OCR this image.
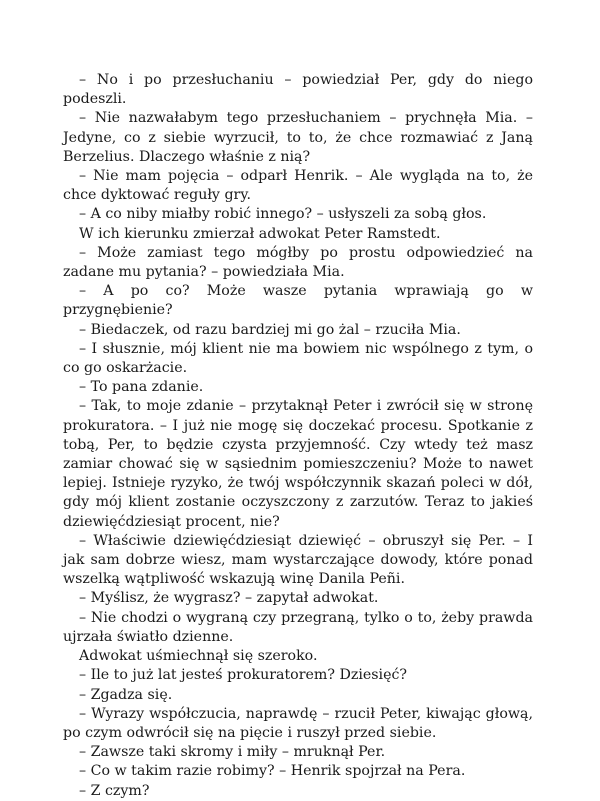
– No i po przesłuchaniu – powiedział Per, gdy do niego podeszli.

– Nie nazwałabym tego przesłuchaniem – prychnęła Mia. – Jedyne, co z siebie wyrzucił, to to, że chce rozmawiać z Janą Berzelius. Dlaczego właśnie z nią?

– Nie mam pojęcia – odparł Henrik. – Ale wygląda na to, że chce dyktować reguły gry.

– A co niby miałby robić innego? – usłyszeli za sobą głos.

W ich kierunku zmierzał adwokat Peter Ramstedt.

– Może zamiast tego mógłby po prostu odpowiedzieć na zadane mu pytania? – powiedziała Mia.

– A po co? Może wasze pytania wprawiają go w przygnębienie?

– Biedaczek, od razu bardziej mi go żal – rzuciła Mia.

– I słusznie, mój klient nie ma bowiem nic wspólnego z tym, o co go oskarżacie.

– To pana zdanie.

– Tak, to moje zdanie – przytaknął Peter i zwrócił się w stronę prokuratora. – I już nie mogę się doczekać procesu. Spotkanie z tobą, Per, to będzie czysta przyjemność. Czy wtedy też masz zamiar chować się w sąsiednim pomieszczeniu? Może to nawet lepiej. Istnieje ryzyko, że twój współczynnik skazań poleci w dół, gdy mój klient zostanie oczyszczony z zarzutów. Teraz to jakieś dziewięćdziesiąt procent, nie?

– Właściwie dziewięćdziesiąt dziewięć – obruszył się Per. – I jak sam dobrze wiesz, mam wystarczające dowody, które ponad wszelką wątpliwość wskazują winę Danila Peñi.

– Myślisz, że wygrasz? – zapytał adwokat.

– Nie chodzi o wygraną czy przegraną, tylko o to, żeby prawda ujrzała światło dzienne.

Adwokat uśmiechnął się szeroko.

– Ile to już lat jesteś prokuratorem? Dziesięć?

– Zgadza się.

– Wyrazy współczucia, naprawdę – rzucił Peter, kiwając głową, po czym odwrócił się na pięcie i ruszył przed siebie.

– Zawsze taki skromy i miły – mruknął Per.

– Co w takim razie robimy? – Henrik spojrzał na Pera.

– Z czym?
